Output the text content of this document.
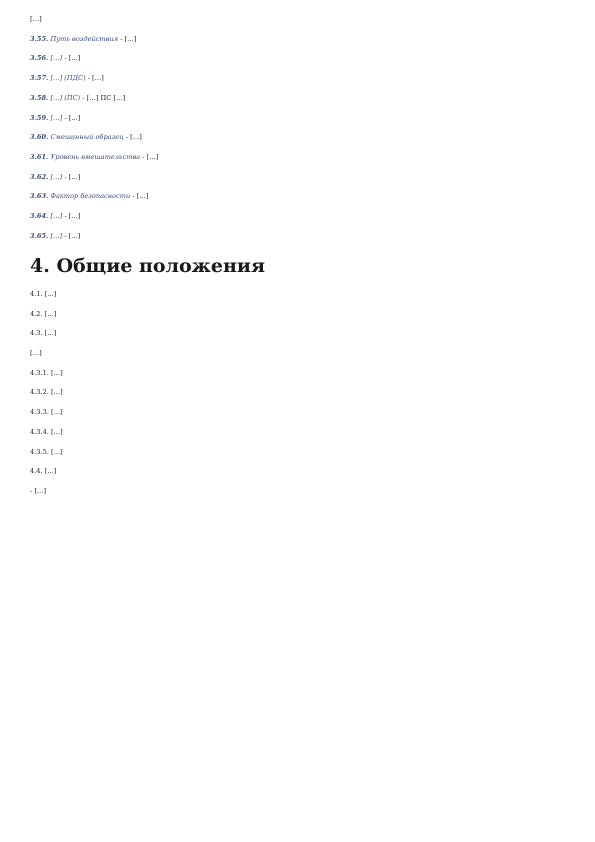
[…]

3.55. Путь воздействия - […]

3.56. […] - […]

3.57. […] (ПДС) - […]

3.58. […] (ПС) - […] ПС […]

3.59. […] - […]

3.60. Смешанный образец - […]

3.61. Уровень вмешательства - […]

3.62. […] - […]

3.63. Фактор безопасности - […]

3.64. […] - […]

3.65. […] - […]

4. Общие положения

4.1. […]

4.2. […]

4.3. […]

[…]

4.3.1. […]

4.3.2. […]

4.3.3. […]

4.3.4. […]

4.3.5. […]

4.4. […]

- […]
